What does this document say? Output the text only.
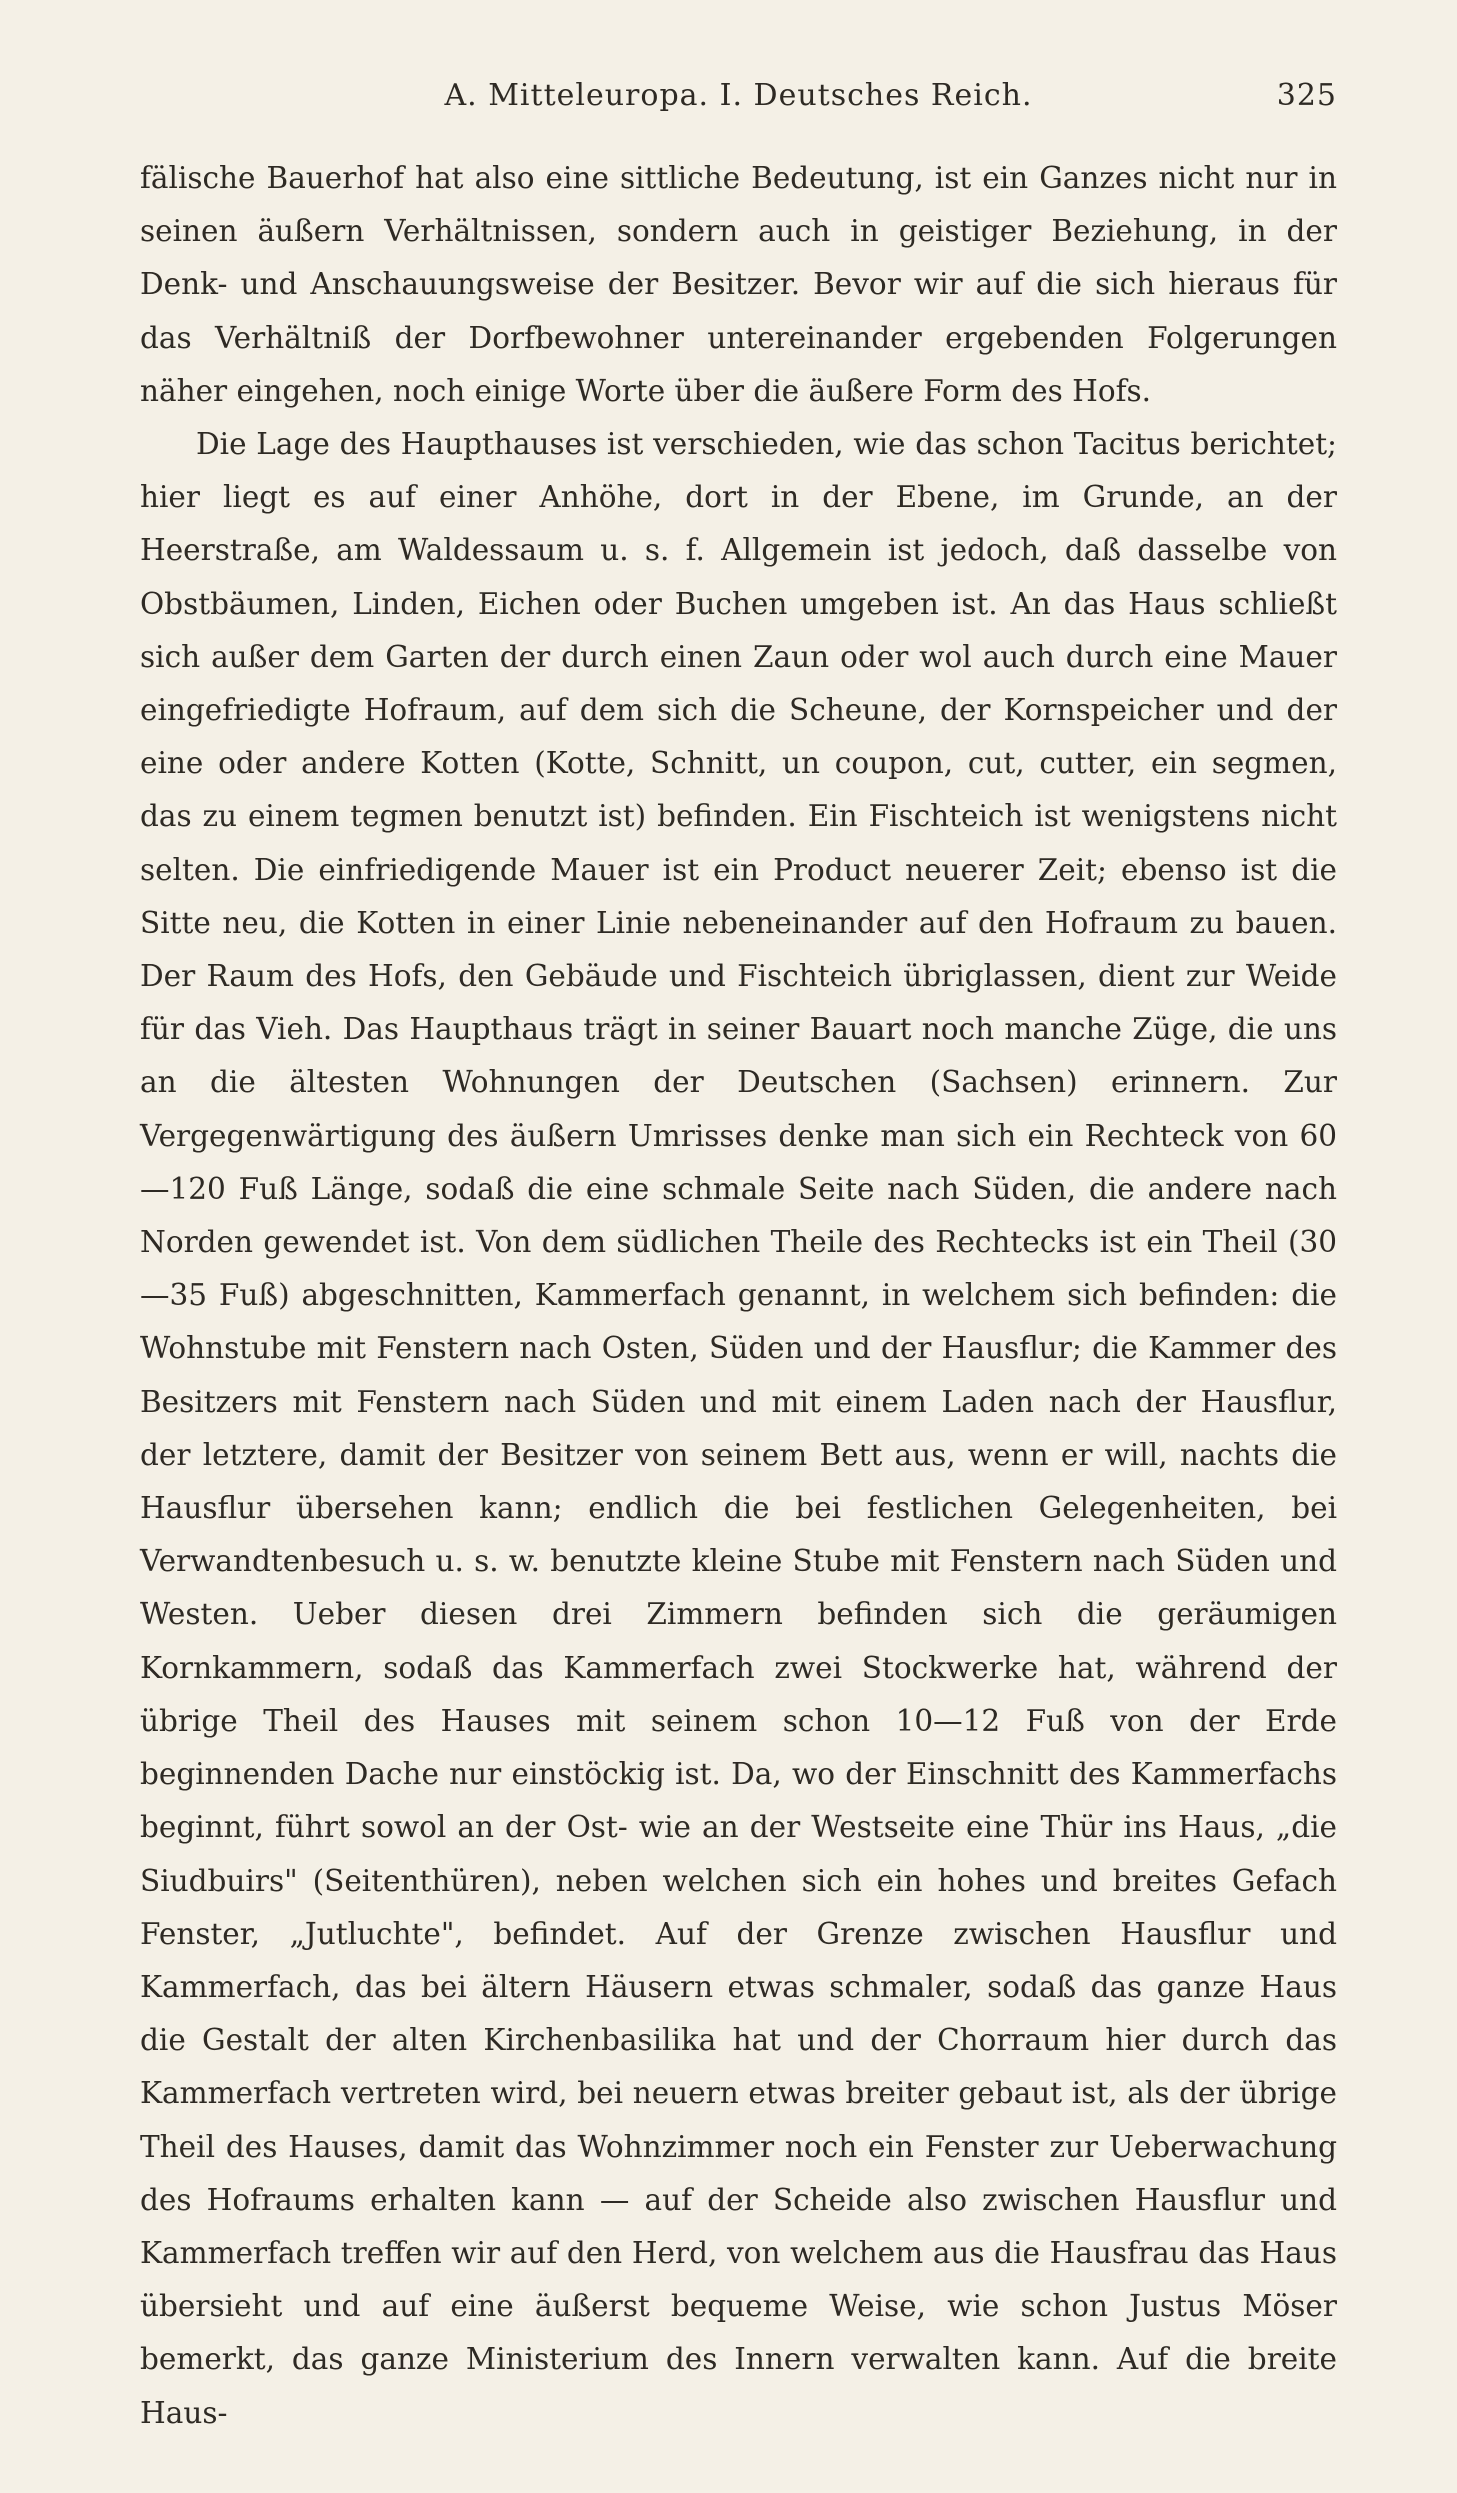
A. Mitteleuropa. I. Deutsches Reich.	325

fälische Bauerhof hat also eine sittliche Bedeutung, ist ein Ganzes nicht nur in seinen äußern Verhältnissen, sondern auch in geistiger Beziehung, in der Denk- und Anschauungsweise der Besitzer. Bevor wir auf die sich hieraus für das Verhältniß der Dorfbewohner untereinander ergebenden Folgerungen näher eingehen, noch einige Worte über die äußere Form des Hofs.

Die Lage des Haupthauses ist verschieden, wie das schon Tacitus berichtet; hier liegt es auf einer Anhöhe, dort in der Ebene, im Grunde, an der Heerstraße, am Waldessaum u. s. f. Allgemein ist jedoch, daß dasselbe von Obstbäumen, Linden, Eichen oder Buchen umgeben ist. An das Haus schließt sich außer dem Garten der durch einen Zaun oder wol auch durch eine Mauer eingefriedigte Hofraum, auf dem sich die Scheune, der Kornspeicher und der eine oder andere Kotten (Kotte, Schnitt, un coupon, cut, cutter, ein segmen, das zu einem tegmen benutzt ist) befinden. Ein Fischteich ist wenigstens nicht selten. Die einfriedigende Mauer ist ein Product neuerer Zeit; ebenso ist die Sitte neu, die Kotten in einer Linie nebeneinander auf den Hofraum zu bauen. Der Raum des Hofs, den Gebäude und Fischteich übriglassen, dient zur Weide für das Vieh. Das Haupthaus trägt in seiner Bauart noch manche Züge, die uns an die ältesten Wohnungen der Deutschen (Sachsen) erinnern. Zur Vergegenwärtigung des äußern Umrisses denke man sich ein Rechteck von 60—120 Fuß Länge, sodaß die eine schmale Seite nach Süden, die andere nach Norden gewendet ist. Von dem südlichen Theile des Rechtecks ist ein Theil (30—35 Fuß) abgeschnitten, Kammerfach genannt, in welchem sich befinden: die Wohnstube mit Fenstern nach Osten, Süden und der Hausflur; die Kammer des Besitzers mit Fenstern nach Süden und mit einem Laden nach der Hausflur, der letztere, damit der Besitzer von seinem Bett aus, wenn er will, nachts die Hausflur übersehen kann; endlich die bei festlichen Gelegenheiten, bei Verwandtenbesuch u. s. w. benutzte kleine Stube mit Fenstern nach Süden und Westen. Ueber diesen drei Zimmern befinden sich die geräumigen Kornkammern, sodaß das Kammerfach zwei Stockwerke hat, während der übrige Theil des Hauses mit seinem schon 10—12 Fuß von der Erde beginnenden Dache nur einstöckig ist. Da, wo der Einschnitt des Kammerfachs beginnt, führt sowol an der Ost- wie an der Westseite eine Thür ins Haus, „die Siudbuirs" (Seitenthüren), neben welchen sich ein hohes und breites Gefach Fenster, „Jutluchte", befindet. Auf der Grenze zwischen Hausflur und Kammerfach, das bei ältern Häusern etwas schmaler, sodaß das ganze Haus die Gestalt der alten Kirchenbasilika hat und der Chorraum hier durch das Kammerfach vertreten wird, bei neuern etwas breiter gebaut ist, als der übrige Theil des Hauses, damit das Wohnzimmer noch ein Fenster zur Ueberwachung des Hofraums erhalten kann — auf der Scheide also zwischen Hausflur und Kammerfach treffen wir auf den Herd, von welchem aus die Hausfrau das Haus übersieht und auf eine äußerst bequeme Weise, wie schon Justus Möser bemerkt, das ganze Ministerium des Innern verwalten kann. Auf die breite Haus-
